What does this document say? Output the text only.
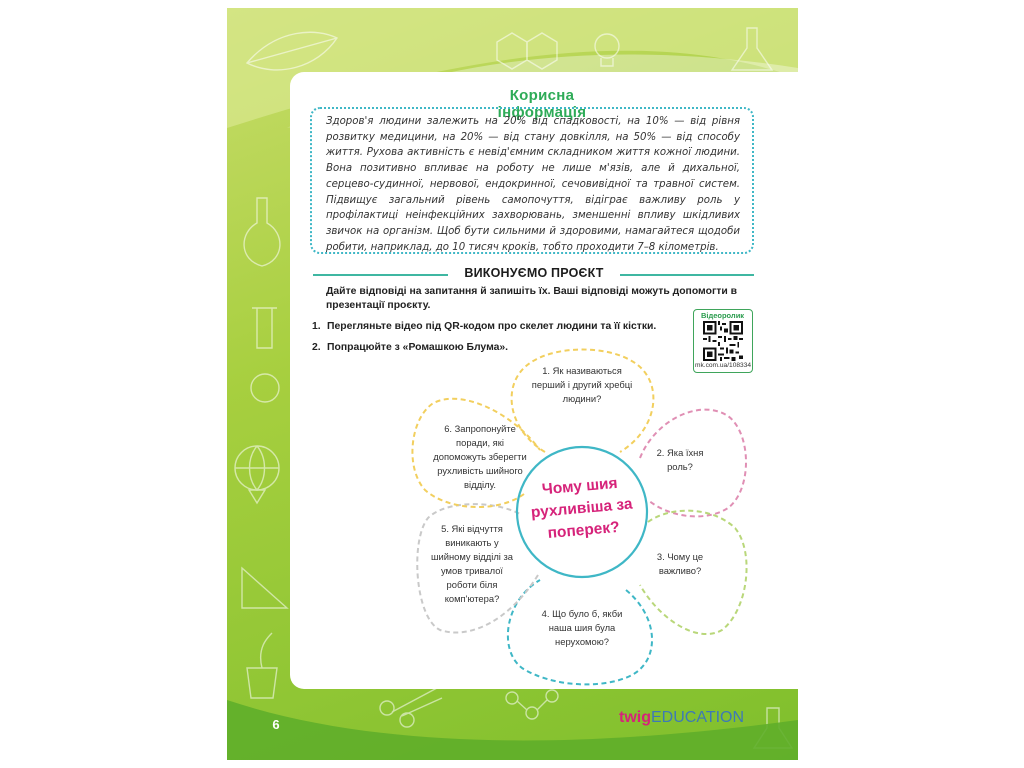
Корисна інформація

Здоров'я людини залежить на 20% від спадковості, на 10% — від рівня розвитку медицини, на 20% — від стану довкілля, на 50% — від способу життя. Рухова активність є невід'ємним складником життя кожної людини. Вона позитивно впливає на роботу не лише м'язів, але й дихальної, серцево-судинної, нервової, ендокринної, сечовивідної та травної систем. Підвищує загальний рівень самопочуття, відіграє важливу роль у профілактиці неінфекційних захворювань, зменшенні впливу шкідливих звичок на організм. Щоб бути сильними й здоровими, намагайтеся щодоби робити, наприклад, до 10 тисяч кроків, тобто проходити 7–8 кілометрів.

ВИКОНУЄМО ПРОЄКТ

Дайте відповіді на запитання й запишіть їх. Ваші відповіді можуть допомогти в презентації проєкту.

1. Перегляньте відео під QR-кодом про скелет людини та її кістки.
2. Попрацюйте з «Ромашкою Блума».
Відеоролик
mk.com.ua/108334
Чому шия рухливіша за поперек?

1. Як називаються перший і другий хребці людини?

2. Яка їхня роль?

3. Чому це важливо?

4. Що було б, якби наша шия була нерухомою?

5. Які відчуття виникають у шийному відділі за умов тривалої роботи біля комп'ютера?

6. Запропонуйте поради, які допоможуть зберегти рухливість шийного відділу.

6	twigEDUCATION
